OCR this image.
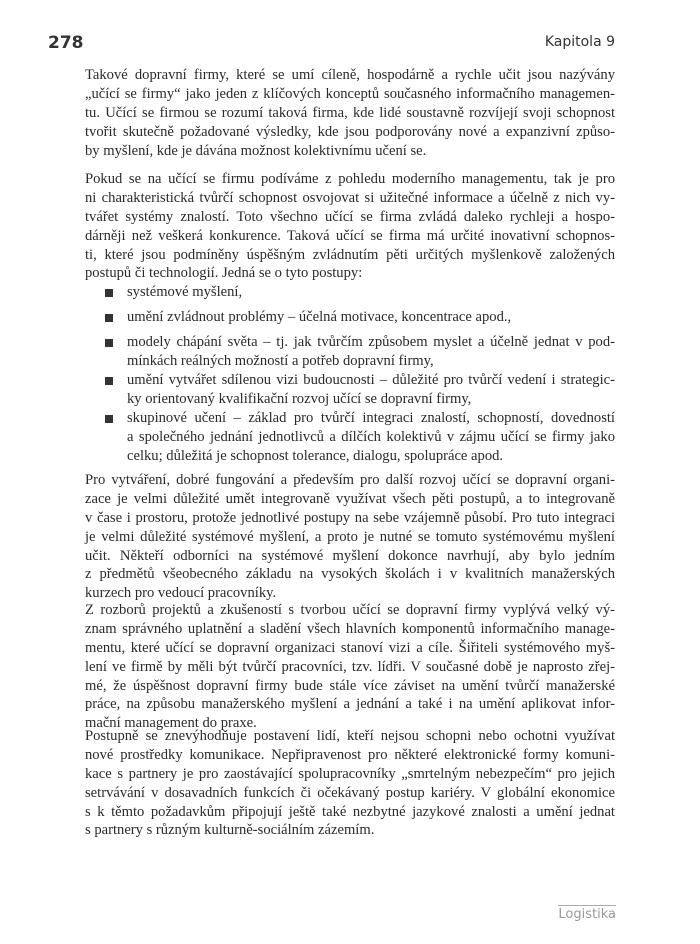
278	Kapitola 9
Takové dopravní firmy, které se umí cíleně, hospodárně a rychle učit jsou nazývány
„učící se firmy“ jako jeden z klíčových konceptů současného informačního managemen-
tu. Učící se firmou se rozumí taková firma, kde lidé soustavně rozvíjejí svoji schopnost
tvořit skutečně požadované výsledky, kde jsou podporovány nové a expanzivní způso-
by myšlení, kde je dávána možnost kolektivnímu učení se.
Pokud se na učící se firmu podíváme z pohledu moderního managementu, tak je pro
ni charakteristická tvůrčí schopnost osvojovat si užitečné informace a účelně z nich vy-
tvářet systémy znalostí. Toto všechno učící se firma zvládá daleko rychleji a hospo-
dárněji než veškerá konkurence. Taková učící se firma má určité inovativní schopnos-
ti, které jsou podmíněny úspěšným zvládnutím pěti určitých myšlenkově založených
postupů či technologií. Jedná se o tyto postupy:
systémové myšlení,
umění zvládnout problémy – účelná motivace, koncentrace apod.,
modely chápání světa – tj. jak tvůrčím způsobem myslet a účelně jednat v pod-
mínkách reálných možností a potřeb dopravní firmy,
umění vytvářet sdílenou vizi budoucnosti – důležité pro tvůrčí vedení i strategic-
ky orientovaný kvalifikační rozvoj učící se dopravní firmy,
skupinové učení – základ pro tvůrčí integraci znalostí, schopností, dovedností
a společného jednání jednotlivců a dílčích kolektivů v zájmu učící se firmy jako
celku; důležitá je schopnost tolerance, dialogu, spolupráce apod.
Pro vytváření, dobré fungování a především pro další rozvoj učící se dopravní organi-
zace je velmi důležité umět integrovaně využívat všech pěti postupů, a to integrovaně
v čase i prostoru, protože jednotlivé postupy na sebe vzájemně působí. Pro tuto integraci
je velmi důležité systémové myšlení, a proto je nutné se tomuto systémovému myšlení
učit. Někteří odborníci na systémové myšlení dokonce navrhují, aby bylo jedním
z předmětů všeobecného základu na vysokých školách i v kvalitních manažerských
kurzech pro vedoucí pracovníky.
Z rozborů projektů a zkušeností s tvorbou učící se dopravní firmy vyplývá velký vý-
znam správného uplatnění a sladění všech hlavních komponentů informačního manage-
mentu, které učící se dopravní organizaci stanoví vizi a cíle. Šiřiteli systémového myš-
lení ve firmě by měli být tvůrčí pracovníci, tzv. lídři. V současné době je naprosto zřej-
mé, že úspěšnost dopravní firmy bude stále více záviset na umění tvůrčí manažerské
práce, na způsobu manažerského myšlení a jednání a také i na umění aplikovat infor-
mační management do praxe.
Postupně se znevýhodňuje postavení lidí, kteří nejsou schopni nebo ochotni využívat
nové prostředky komunikace. Nepřipravenost pro některé elektronické formy komuni-
kace s partnery je pro zaostávající spolupracovníky „smrtelným nebezpečím“ pro jejich
setrvávání v dosavadních funkcích či očekávaný postup kariéry. V globální ekonomice
s k těmto požadavkům připojují ještě také nezbytné jazykové znalosti a umění jednat
s partnery s různým kulturně-sociálním zázemím.
Logistika
